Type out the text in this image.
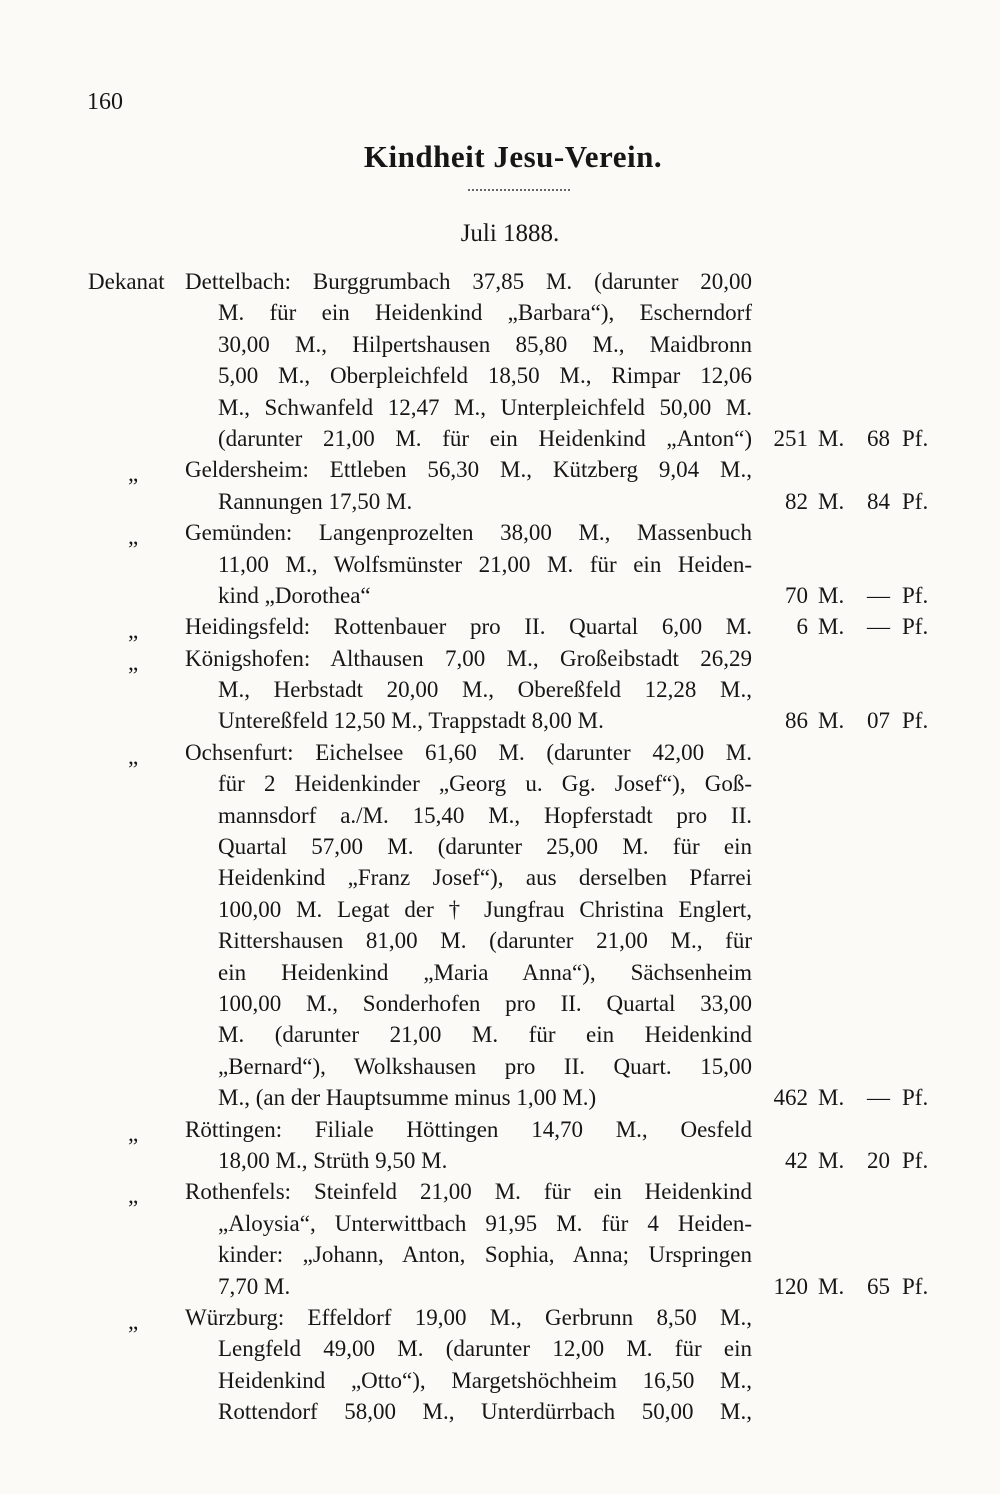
160
Kindheit Jesu-Verein.
Juli 1888.
Dekanat Dettelbach: Burggrumbach 37,85 M. (darunter 20,00
M. für ein Heidenkind „Barbara“), Escherndorf
30,00 M., Hilpertshausen 85,80 M., Maidbronn
5,00 M., Oberpleichfeld 18,50 M., Rimpar 12,06
M., Schwanfeld 12,47 M., Unterpleichfeld 50,00 M.
(darunter 21,00 M. für ein Heidenkind „Anton“) 251 M. 68 Pf.
„ Geldersheim: Ettleben 56,30 M., Kützberg 9,04 M.,
Rannungen 17,50 M.	82 M. 84 Pf.
„ Gemünden: Langenprozelten 38,00 M., Massenbuch
11,00 M., Wolfsmünster 21,00 M. für ein Heiden-
kind „Dorothea“	70 M. — Pf.
„ Heidingsfeld: Rottenbauer pro II. Quartal 6,00 M.	6 M. — Pf.
„ Königshofen: Althausen 7,00 M., Großeibstadt 26,29
M., Herbstadt 20,00 M., Obereßfeld 12,28 M.,
Untereßfeld 12,50 M., Trappstadt 8,00 M.	86 M. 07 Pf.
„ Ochsenfurt: Eichelsee 61,60 M. (darunter 42,00 M.
für 2 Heidenkinder „Georg u. Gg. Josef“), Goß-
mannsdorf a./M. 15,40 M., Hopferstadt pro II.
Quartal 57,00 M. (darunter 25,00 M. für ein
Heidenkind „Franz Josef“), aus derselben Pfarrei
100,00 M. Legat der † Jungfrau Christina Englert,
Rittershausen 81,00 M. (darunter 21,00 M., für
ein Heidenkind „Maria Anna“), Sächsenheim
100,00 M., Sonderhofen pro II. Quartal 33,00
M. (darunter 21,00 M. für ein Heidenkind
„Bernard“), Wolkshausen pro II. Quart. 15,00
M., (an der Hauptsumme minus 1,00 M.)	462 M. — Pf.
„ Röttingen: Filiale Höttingen 14,70 M., Oesfeld
18,00 M., Strüth 9,50 M.	42 M. 20 Pf.
„ Rothenfels: Steinfeld 21,00 M. für ein Heidenkind
„Aloysia“, Unterwittbach 91,95 M. für 4 Heiden-
kinder: „Johann, Anton, Sophia, Anna; Urspringen
7,70 M.	120 M. 65 Pf.
„ Würzburg: Effeldorf 19,00 M., Gerbrunn 8,50 M.,
Lengfeld 49,00 M. (darunter 12,00 M. für ein
Heidenkind „Otto“), Margetshöchheim 16,50 M.,
Rottendorf 58,00 M., Unterdürrbach 50,00 M.,
